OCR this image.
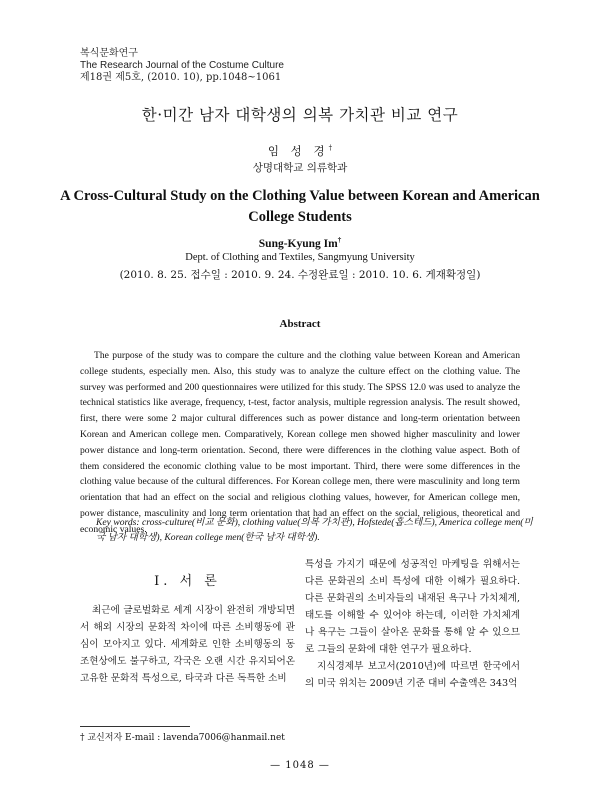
복식문화연구
The Research Journal of the Costume Culture
제18권 제5호, (2010. 10), pp.1048~1061
한·미간 남자 대학생의 의복 가치관 비교 연구
임 성 경†
상명대학교 의류학과
A Cross-Cultural Study on the Clothing Value between Korean and American College Students
Sung-Kyung Im†
Dept. of Clothing and Textiles, Sangmyung University
(2010. 8. 25. 접수일 : 2010. 9. 24. 수정완료일 : 2010. 10. 6. 게재확정일)
Abstract
The purpose of the study was to compare the culture and the clothing value between Korean and American college students, especially men. Also, this study was to analyze the culture effect on the clothing value. The survey was performed and 200 questionnaires were utilized for this study. The SPSS 12.0 was used to analyze the technical statistics like average, frequency, t-test, factor analysis, multiple regression analysis. The result showed, first, there were some 2 major cultural differences such as power distance and long-term orientation between Korean and American college men. Comparatively, Korean college men showed higher masculinity and lower power distance and long-term orientation. Second, there were differences in the clothing value aspect. Both of them considered the economic clothing value to be most important. Third, there were some differences in the clothing value because of the cultural differences. For Korean college men, there were masculinity and long term orientation that had an effect on the social and religious clothing values, however, for American college men, power distance, masculinity and long term orientation that had an effect on the social, religious, theoretical and economic values.
Key words: cross-culture(비교 문화), clothing value(의복 가치관), Hofstede(홉스테드), America college men(미국 남자 대학생), Korean college men(한국 남자 대학생).
I. 서 론
최근에 글로벌화로 세계 시장이 완전히 개방되면서 해외 시장의 문화적 차이에 따른 소비행동에 관심이 모아지고 있다. 세계화로 인한 소비행동의 동조현상에도 불구하고, 각국은 오랜 시간 유지되어온 고유한 문화적 특성으로, 타국과 다른 독특한 소비

특성을 가지기 때문에 성공적인 마케팅을 위해서는 다른 문화권의 소비 특성에 대한 이해가 필요하다. 다른 문화권의 소비자들의 내재된 욕구나 가치체계, 태도를 이해할 수 있어야 하는데, 이러한 가치체계나 욕구는 그들이 살아온 문화를 통해 알 수 있으므로 그들의 문화에 대한 연구가 필요하다.

지식경제부 보고서(2010년)에 따르면 한국에서의 미국 위치는 2009년 기준 대비 수출액은 343억

† 교신저자 E-mail : lavenda7006@hanmail.net
— 1048 —
